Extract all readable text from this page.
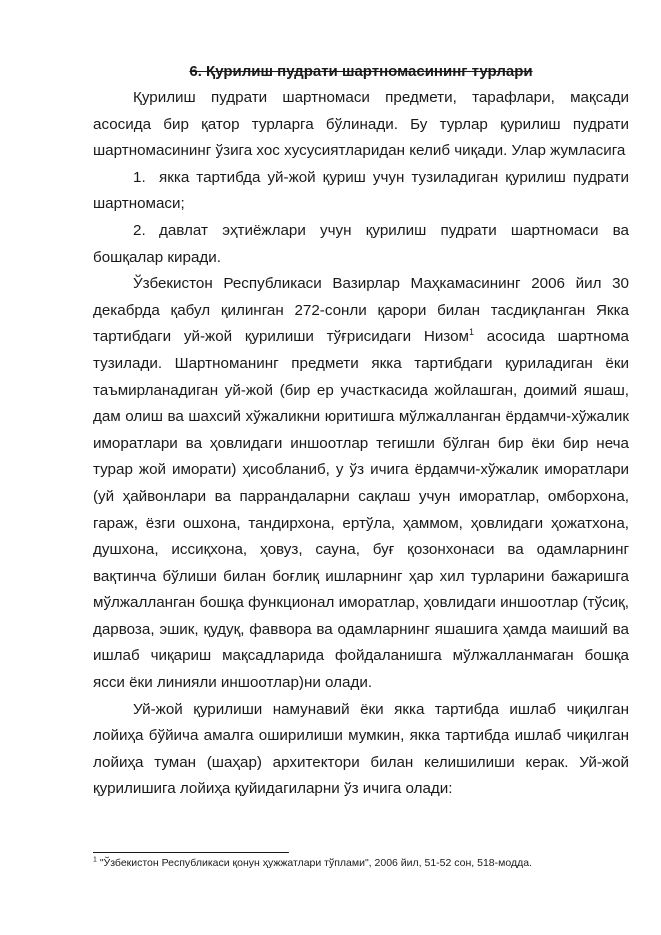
6. Қурилиш пудрати шартномасининг турлари

Қурилиш пудрати шартномаси предмети, тарафлари, мақсади асосида бир қатор турларга бўлинади. Бу турлар қурилиш пудрати шартномасининг ўзига хос хусусиятларидан келиб чиқади. Улар жумласига

1. якка тартибда уй-жой қуриш учун тузиладиган қурилиш пудрати шартномаси;

2. давлат эҳтиёжлари учун қурилиш пудрати шартномаси ва бошқалар киради.

Ўзбекистон Республикаси Вазирлар Маҳкамасининг 2006 йил 30 декабрда қабул қилинган 272-сонли қарори билан тасдиқланган Якка тартибдаги уй-жой қурилиши тўғрисидаги Низом$^1$ асосида шартнома тузилади. Шартноманинг предмети якка тартибдаги қуриладиган ёки таъмирланадиган уй-жой (бир ер участкасида жойлашган, доимий яшаш, дам олиш ва шахсий хўжаликни юритишга мўлжалланган ёрдамчи-хўжалик иморатлари ва ҳовлидаги иншоотлар тегишли бўлган бир ёки бир неча турар жой иморати) ҳисобланиб, у ўз ичига ёрдамчи-хўжалик иморатлари (уй ҳайвонлари ва паррандаларни сақлаш учун иморатлар, омборхона, гараж, ёзги ошхона, тандирхона, ертўла, ҳаммом, ҳовлидаги ҳожатхона, душхона, иссиқхона, ҳовуз, сауна, буғ қозонхонаси ва одамларнинг вақтинча бўлиши билан боғлиқ ишларнинг ҳар хил турларини бажаришга мўлжалланган бошқа функционал иморатлар, ҳовлидаги иншоотлар (тўсиқ, дарвоза, эшик, қудуқ, фаввора ва одамларнинг яшашига ҳамда маиший ва ишлаб чиқариш мақсадларида фойдаланишга мўлжалланмаган бошқа ясси ёки линияли иншоотлар)ни олади.

Уй-жой қурилиши намунавий ёки якка тартибда ишлаб чиқилган лойиҳа бўйича амалга оширилиши мумкин, якка тартибда ишлаб чиқилган лойиҳа туман (шаҳар) архитектори билан келишилиши керак. Уй-жой қурилишига лойиҳа қуйидагиларни ўз ичига олади:

$^1$ "Ўзбекистон Республикаси қонун ҳужжатлари тўплами", 2006 йил, 51-52 сон, 518-модда.
